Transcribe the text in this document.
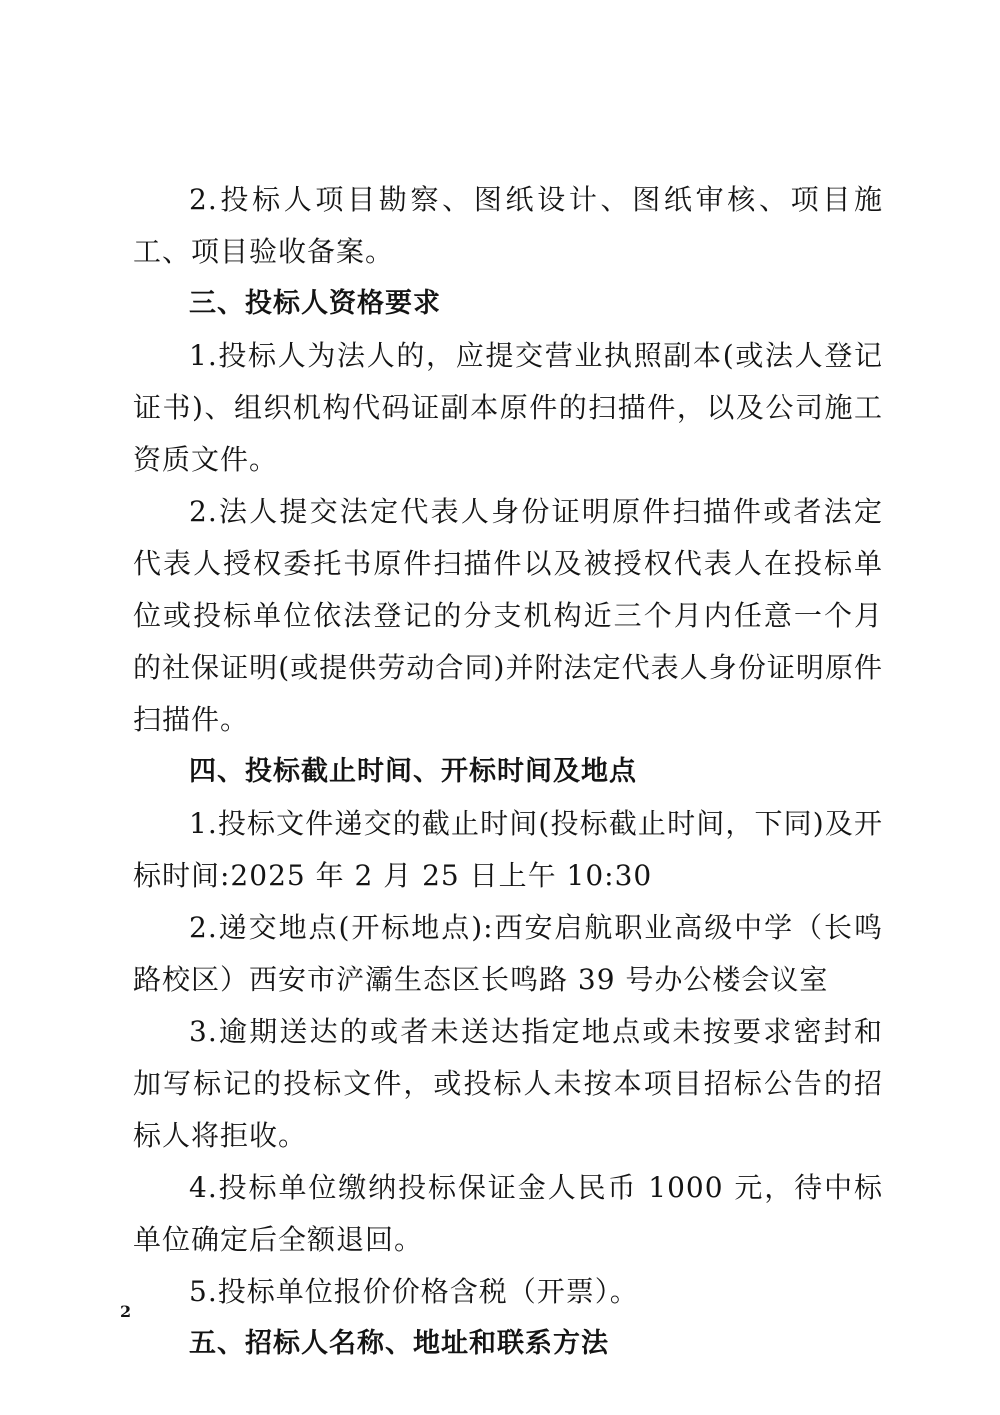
2.投标人项目勘察、图纸设计、图纸审核、项目施工、项目验收备案。

三、投标人资格要求

1.投标人为法人的，应提交营业执照副本(或法人登记证书)、组织机构代码证副本原件的扫描件，以及公司施工资质文件。

2.法人提交法定代表人身份证明原件扫描件或者法定代表人授权委托书原件扫描件以及被授权代表人在投标单位或投标单位依法登记的分支机构近三个月内任意一个月的社保证明(或提供劳动合同)并附法定代表人身份证明原件扫描件。

四、投标截止时间、开标时间及地点

1.投标文件递交的截止时间(投标截止时间，下同)及开标时间:2025 年 2 月 25 日上午 10:30

2.递交地点(开标地点):西安启航职业高级中学（长鸣路校区）西安市浐灞生态区长鸣路 39 号办公楼会议室

3.逾期送达的或者未送达指定地点或未按要求密封和加写标记的投标文件，或投标人未按本项目招标公告的招标人将拒收。

4.投标单位缴纳投标保证金人民币 1000 元，待中标单位确定后全额退回。

5.投标单位报价价格含税（开票）。

五、招标人名称、地址和联系方法

2
